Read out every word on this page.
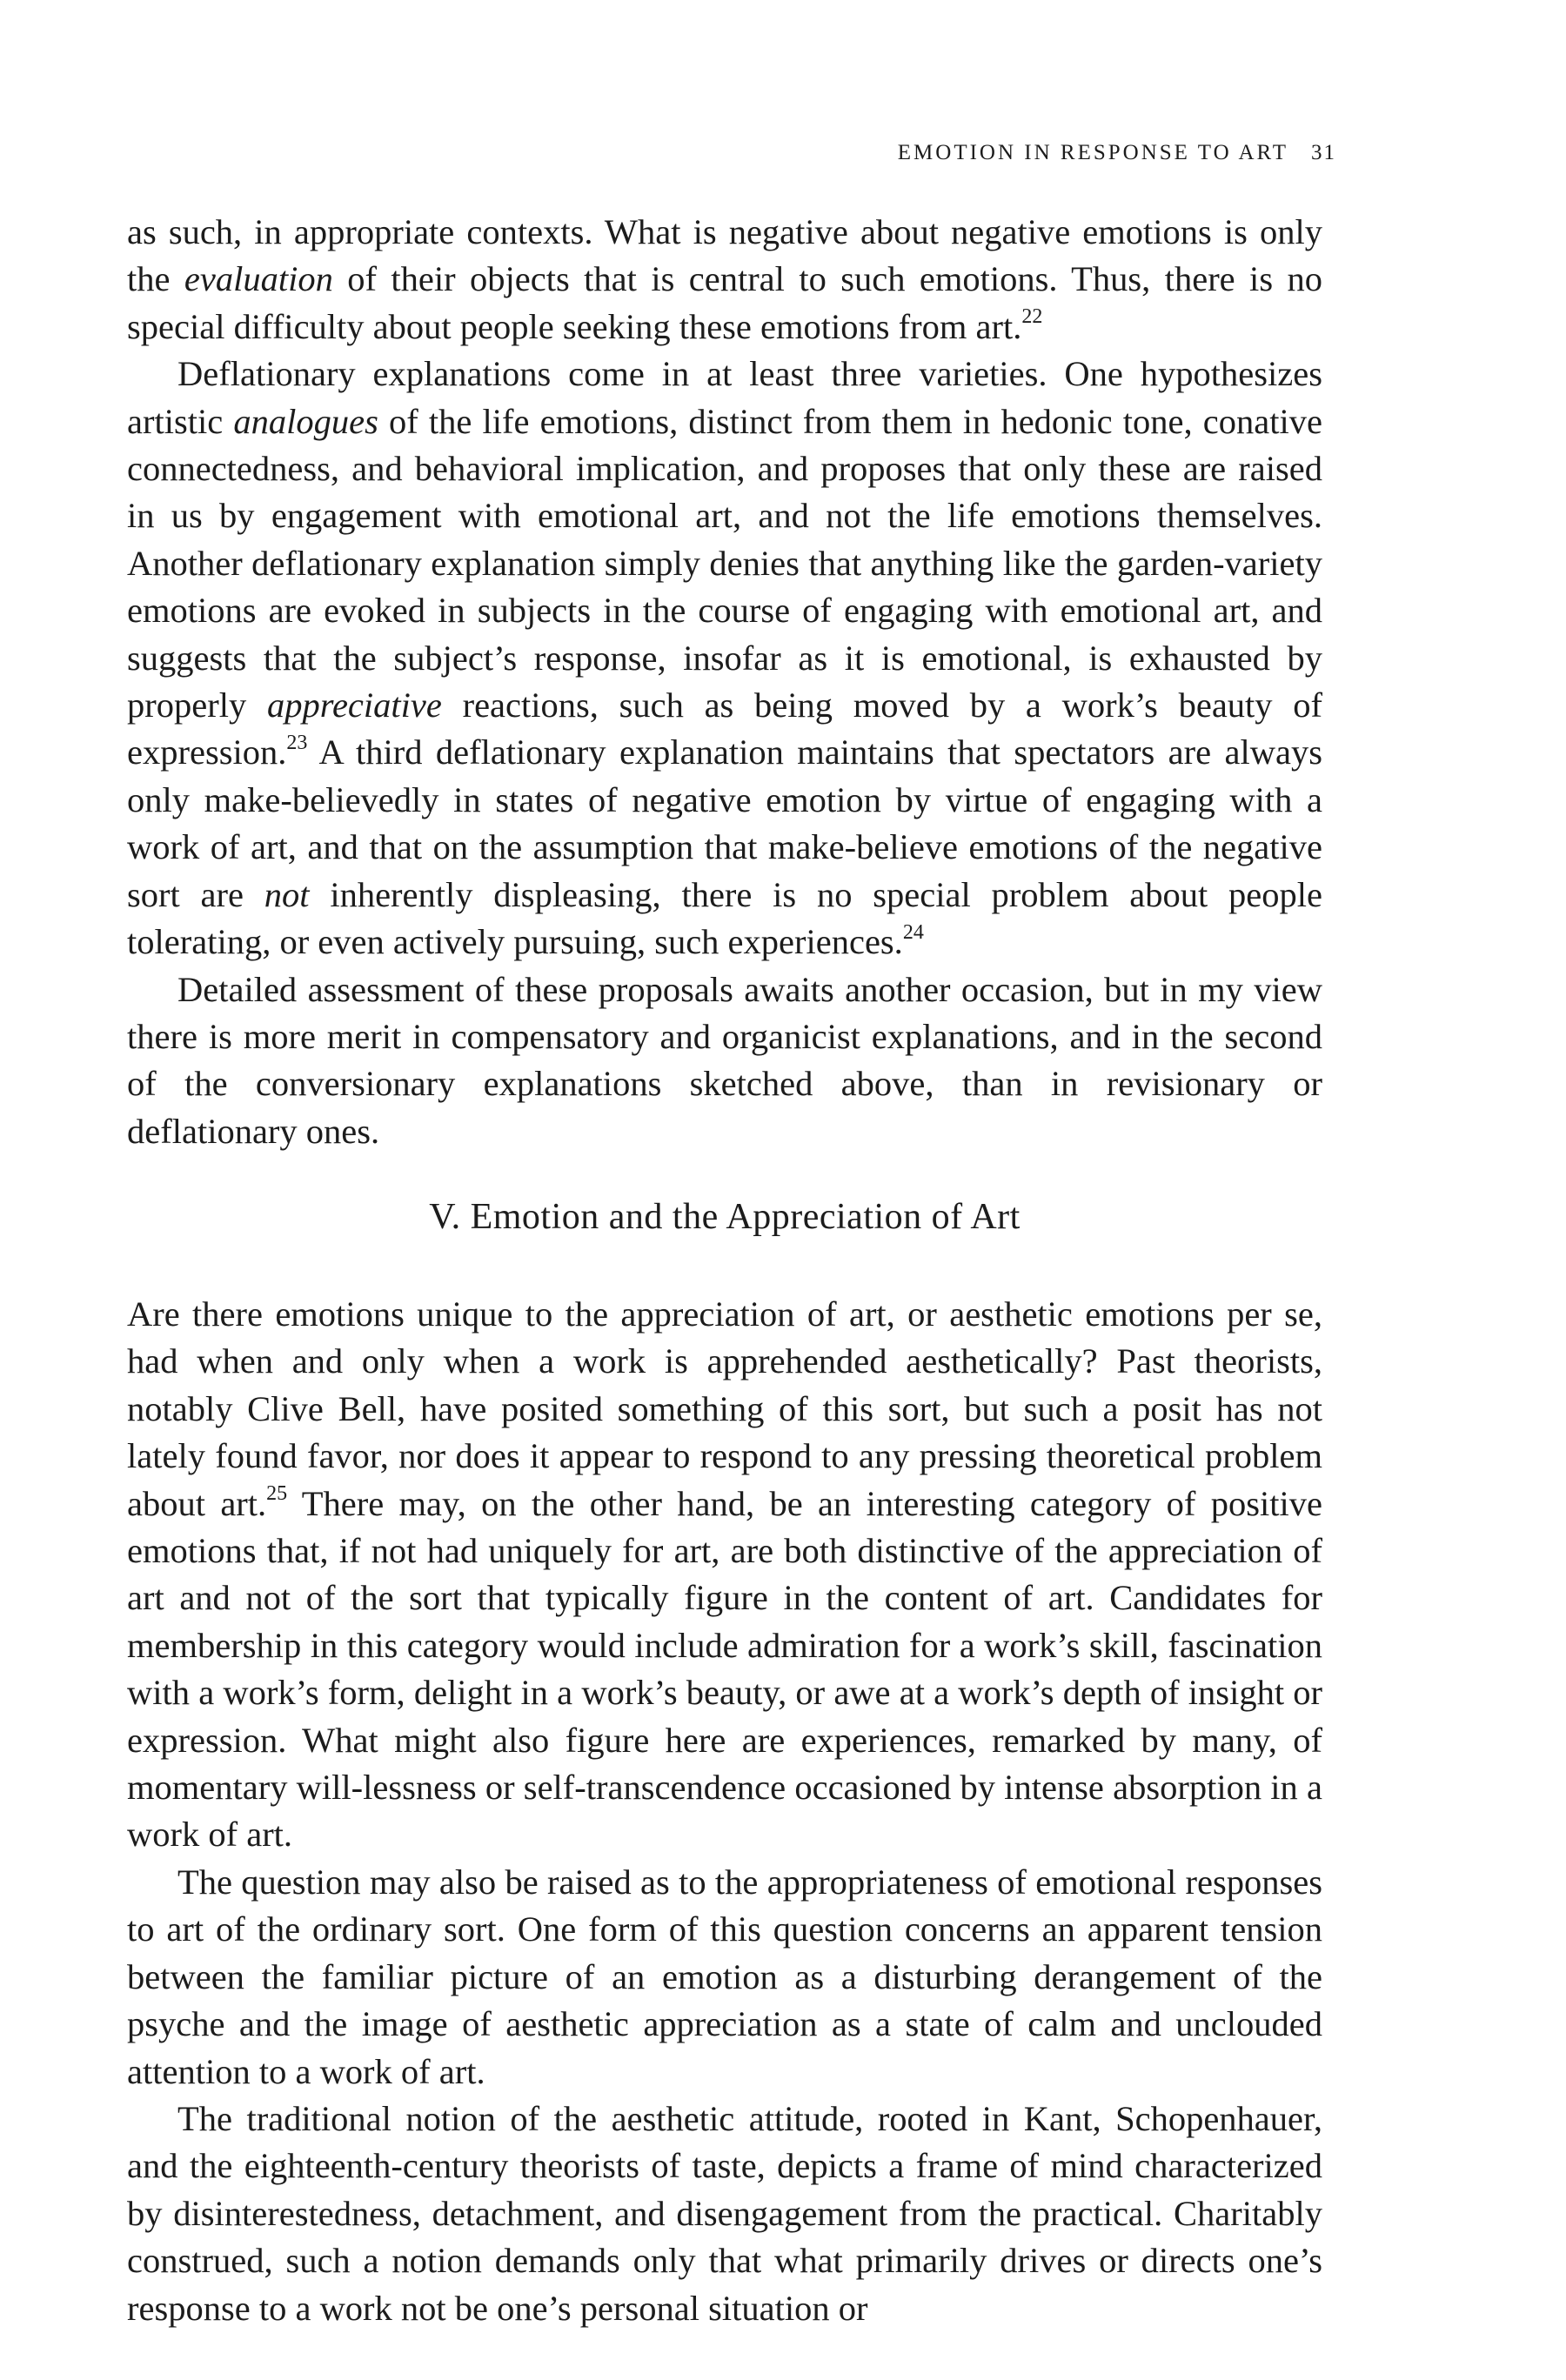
EMOTION IN RESPONSE TO ART 31

as such, in appropriate contexts. What is negative about negative emotions is only the evaluation of their objects that is central to such emotions. Thus, there is no special difficulty about people seeking these emotions from art.$^{22}$

Deflationary explanations come in at least three varieties. One hypothesizes artistic analogues of the life emotions, distinct from them in hedonic tone, conative connectedness, and behavioral implication, and proposes that only these are raised in us by engagement with emotional art, and not the life emotions themselves. Another deflationary explanation simply denies that anything like the garden-variety emotions are evoked in subjects in the course of engaging with emotional art, and suggests that the subject’s response, insofar as it is emotional, is exhausted by properly appreciative reactions, such as being moved by a work’s beauty of expression.$^{23}$ A third deflationary explanation maintains that spectators are always only make-believedly in states of negative emotion by virtue of engaging with a work of art, and that on the assumption that make-believe emotions of the negative sort are not inherently displeasing, there is no special problem about people tolerating, or even actively pursuing, such experiences.$^{24}$

Detailed assessment of these proposals awaits another occasion, but in my view there is more merit in compensatory and organicist explanations, and in the second of the conversionary explanations sketched above, than in revisionary or deflationary ones.

V. Emotion and the Appreciation of Art

Are there emotions unique to the appreciation of art, or aesthetic emotions per se, had when and only when a work is apprehended aesthetically? Past theorists, notably Clive Bell, have posited something of this sort, but such a posit has not lately found favor, nor does it appear to respond to any pressing theoretical problem about art.$^{25}$ There may, on the other hand, be an interesting category of positive emotions that, if not had uniquely for art, are both distinctive of the appreciation of art and not of the sort that typically figure in the content of art. Candidates for membership in this category would include admiration for a work’s skill, fascination with a work’s form, delight in a work’s beauty, or awe at a work’s depth of insight or expression. What might also figure here are experiences, remarked by many, of momentary will-lessness or self-transcendence occasioned by intense absorption in a work of art.

The question may also be raised as to the appropriateness of emotional responses to art of the ordinary sort. One form of this question concerns an apparent tension between the familiar picture of an emotion as a disturbing derangement of the psyche and the image of aesthetic appreciation as a state of calm and unclouded attention to a work of art.

The traditional notion of the aesthetic attitude, rooted in Kant, Schopenhauer, and the eighteenth-century theorists of taste, depicts a frame of mind characterized by disinterestedness, detachment, and disengagement from the practical. Charitably construed, such a notion demands only that what primarily drives or directs one’s response to a work not be one’s personal situation or
